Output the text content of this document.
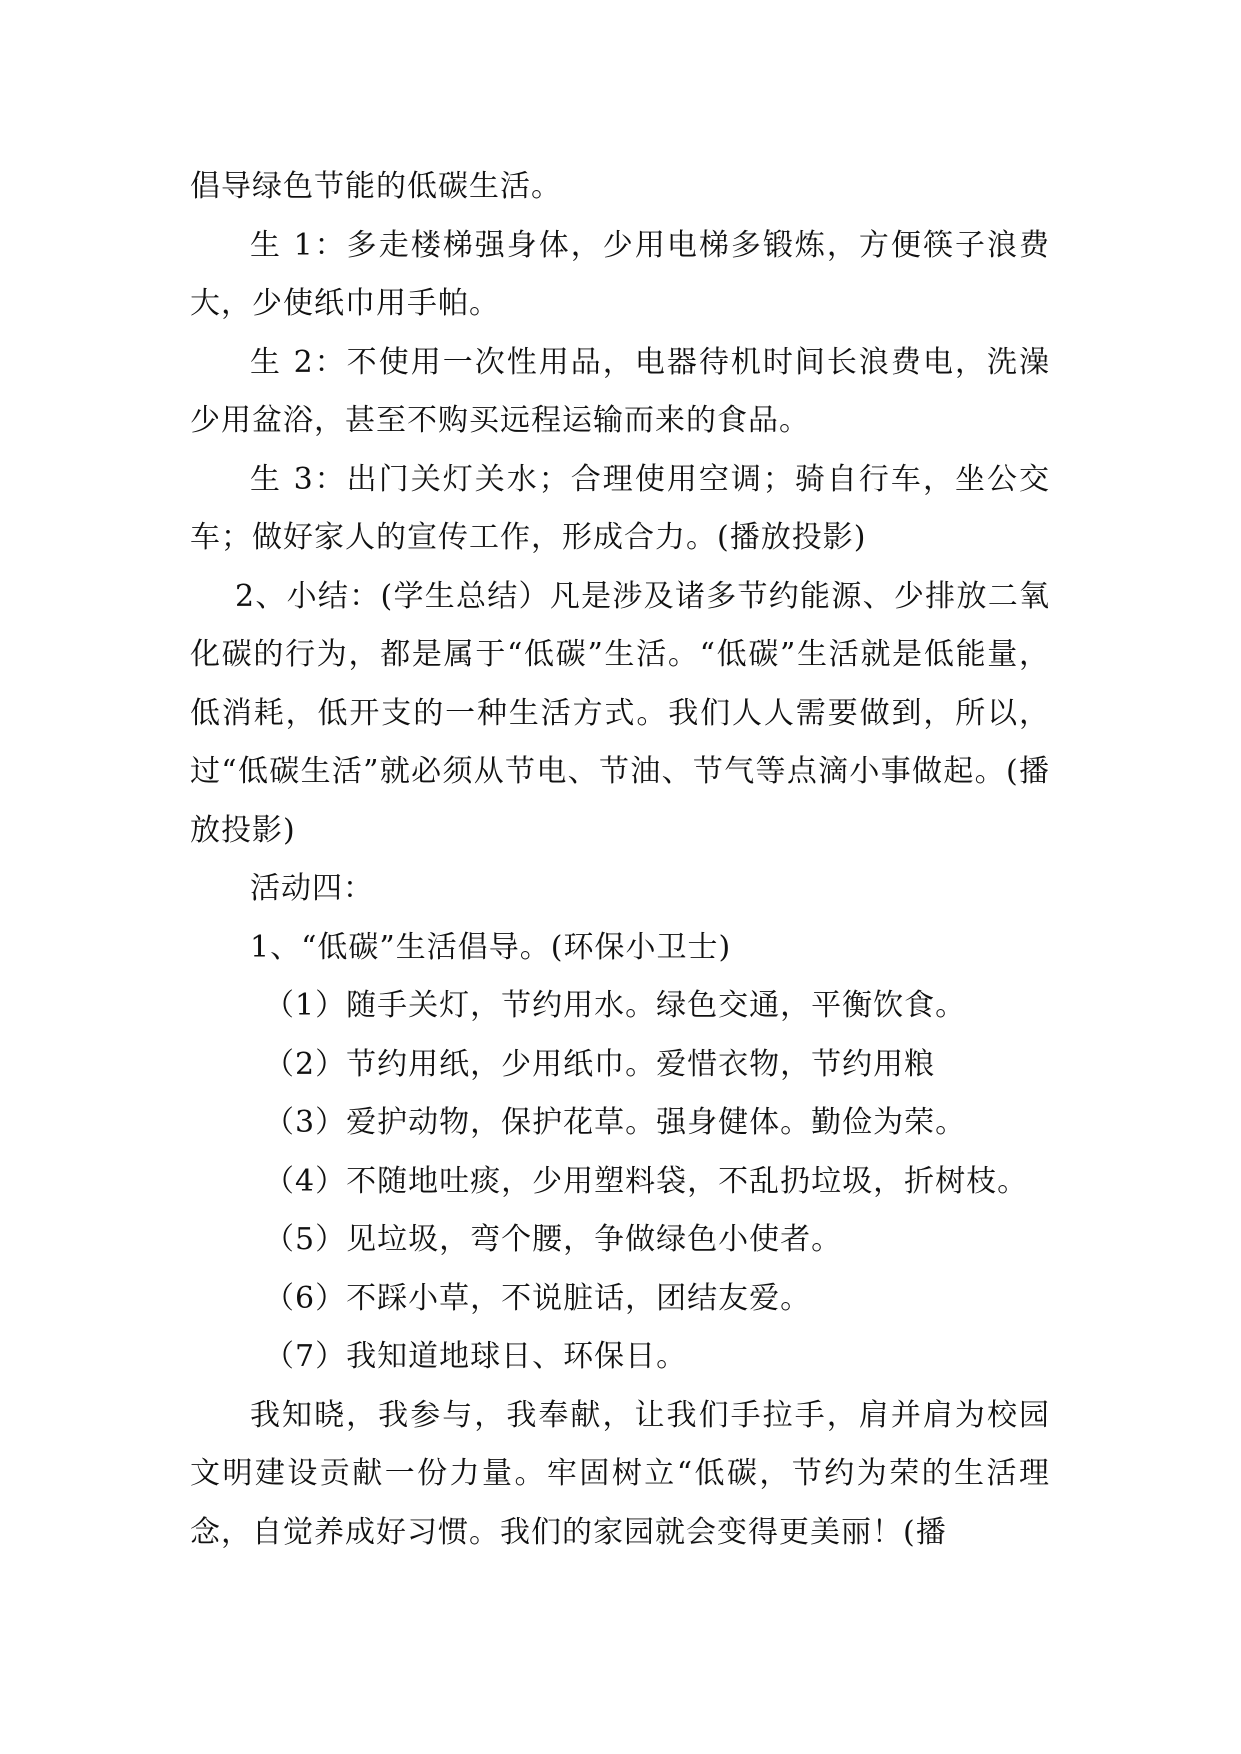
倡导绿色节能的低碳生活。

生 1：多走楼梯强身体，少用电梯多锻炼，方便筷子浪费大，少使纸巾用手帕。

生 2：不使用一次性用品，电器待机时间长浪费电，洗澡少用盆浴，甚至不购买远程运输而来的食品。

生 3：出门关灯关水；合理使用空调；骑自行车，坐公交车；做好家人的宣传工作，形成合力。(播放投影)

2、小结：(学生总结）凡是涉及诸多节约能源、少排放二氧化碳的行为，都是属于“低碳”生活。“低碳”生活就是低能量，低消耗，低开支的一种生活方式。我们人人需要做到，所以，过“低碳生活”就必须从节电、节油、节气等点滴小事做起。(播放投影)

活动四：

1、“低碳”生活倡导。(环保小卫士)

（1）随手关灯，节约用水。绿色交通，平衡饮食。

（2）节约用纸，少用纸巾。爱惜衣物，节约用粮

（3）爱护动物，保护花草。强身健体。勤俭为荣。

（4）不随地吐痰，少用塑料袋，不乱扔垃圾，折树枝。

（5）见垃圾，弯个腰，争做绿色小使者。

（6）不踩小草，不说脏话，团结友爱。

（7）我知道地球日、环保日。

我知晓，我参与，我奉献，让我们手拉手，肩并肩为校园文明建设贡献一份力量。牢固树立“低碳，节约为荣的生活理念，自觉养成好习惯。我们的家园就会变得更美丽！(播
